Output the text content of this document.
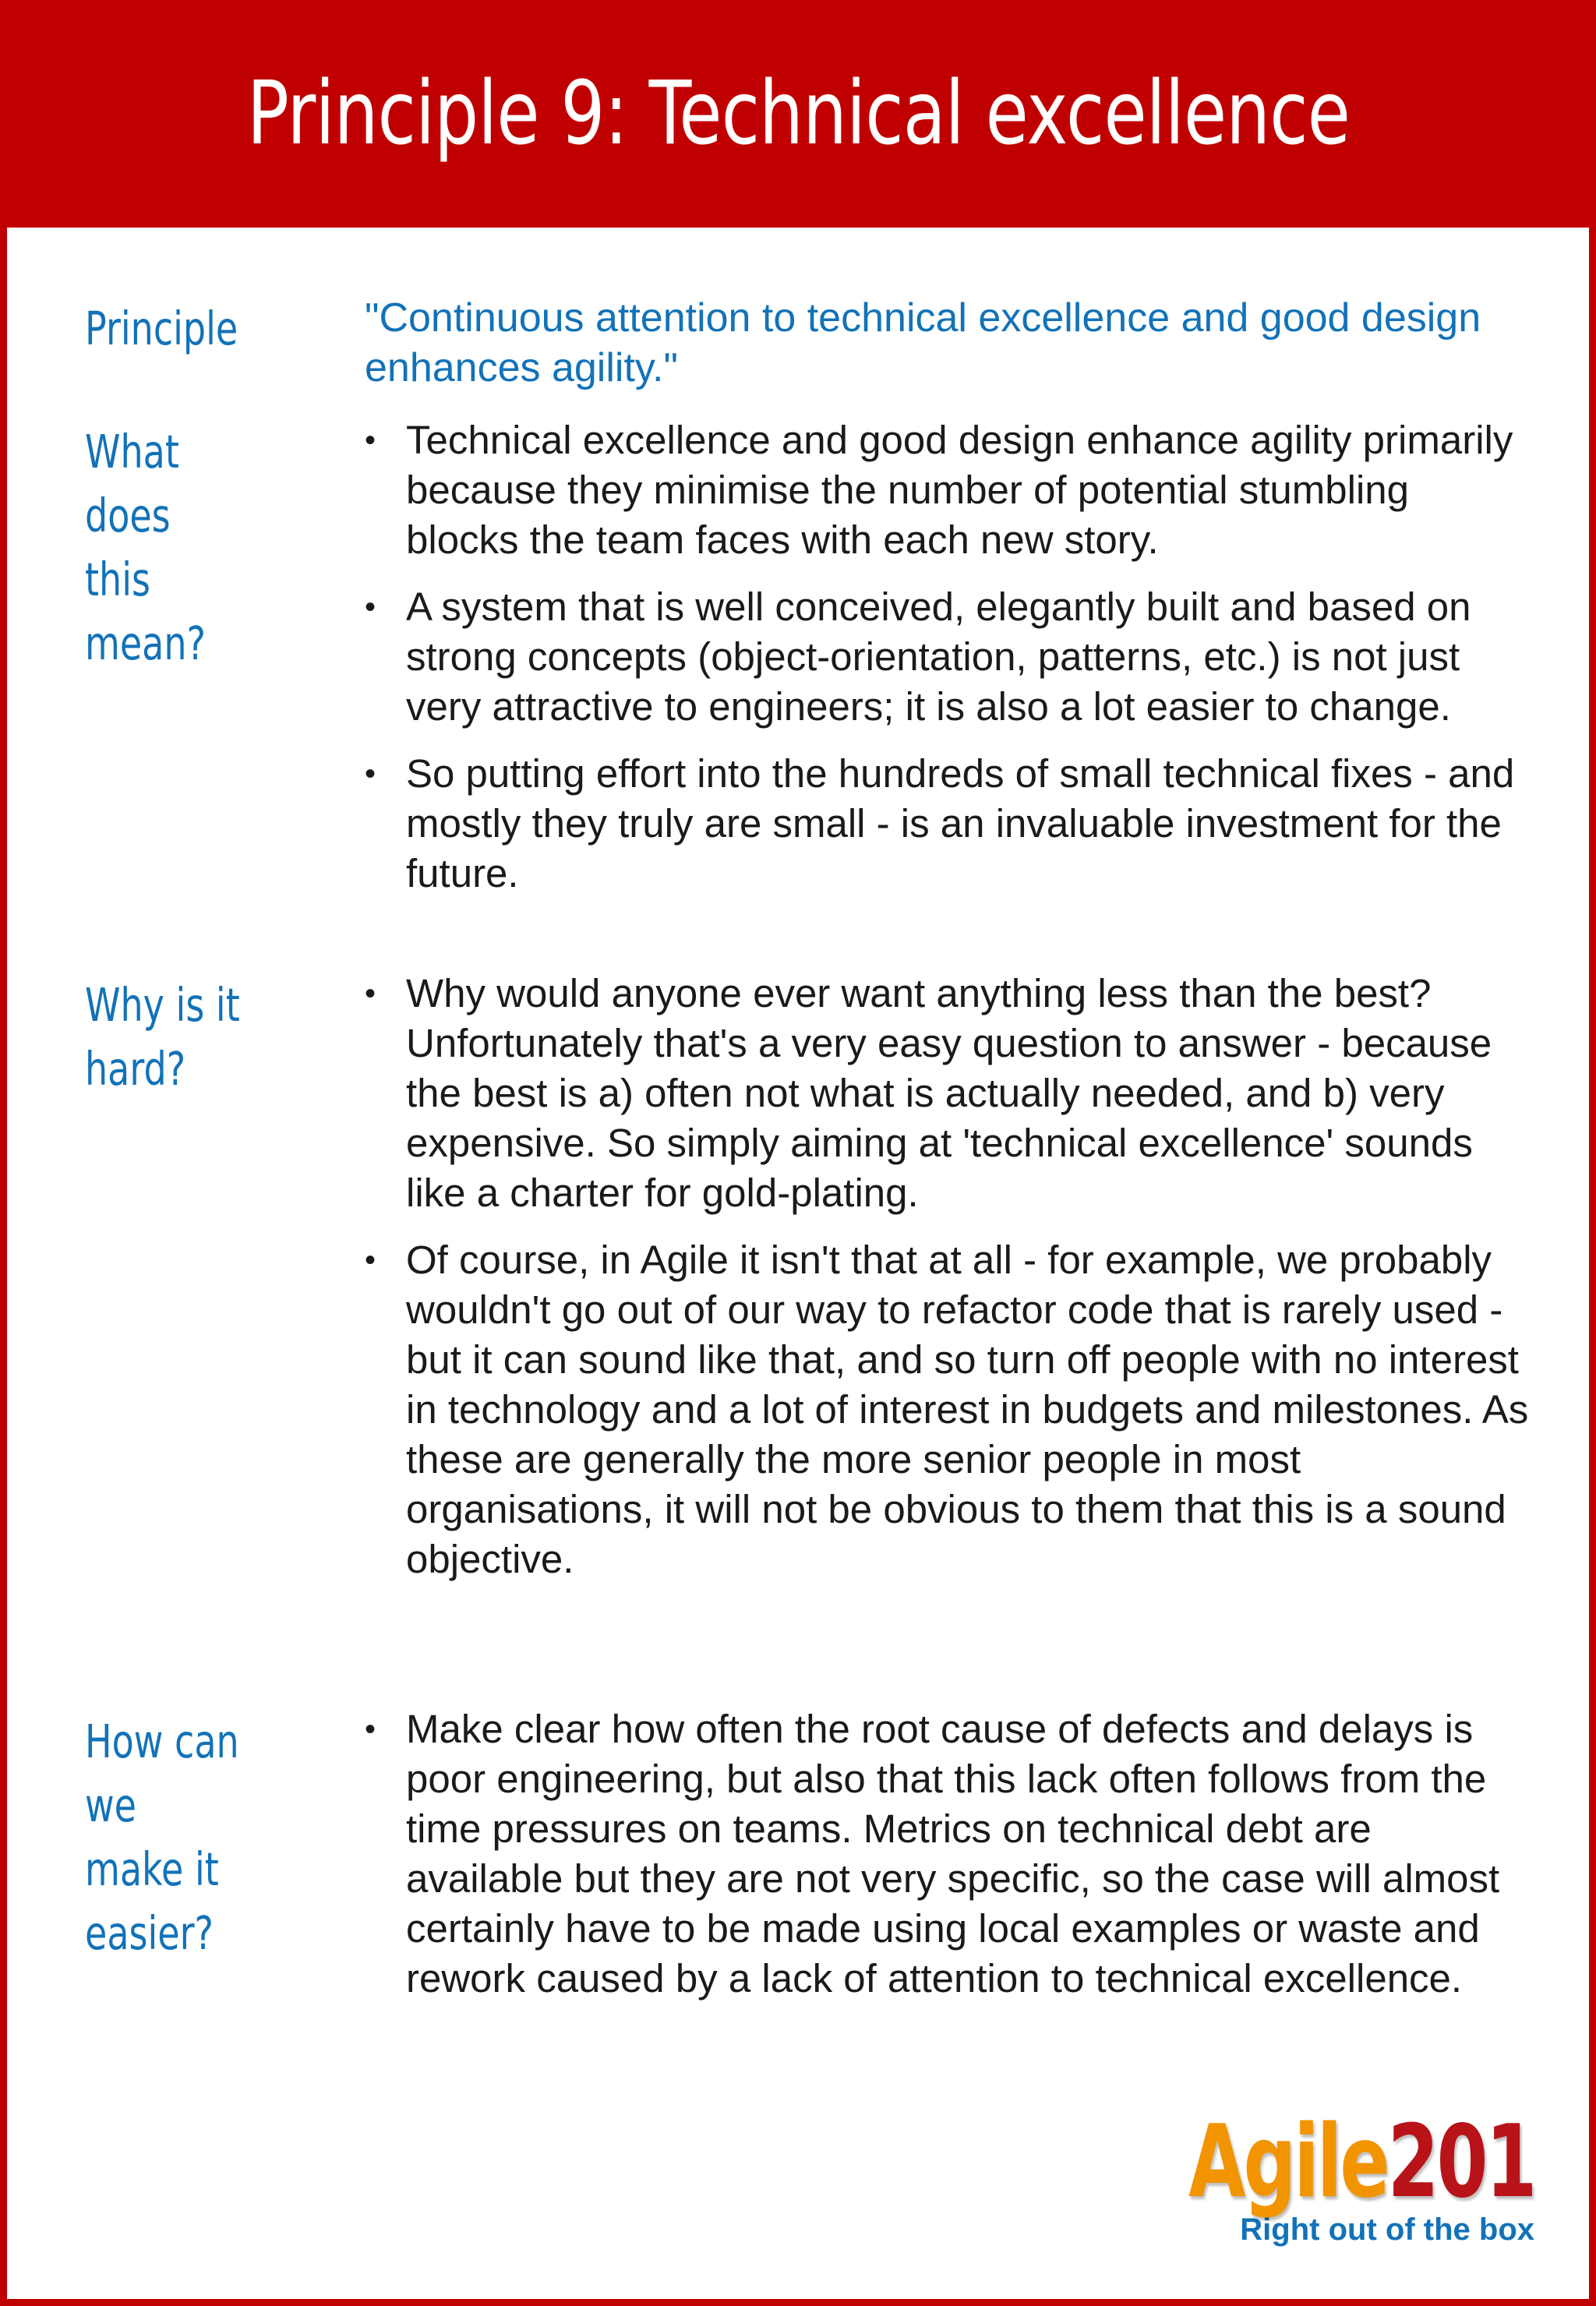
Principle 9: Technical excellence
Principle	"Continuous attention to technical excellence and good design enhances agility."
What does
this mean?
• Technical excellence and good design enhance agility primarily because they minimise the number of potential stumbling blocks the team faces with each new story.
• A system that is well conceived, elegantly built and based on strong concepts (object-orientation, patterns, etc.) is not just very attractive to engineers; it is also a lot easier to change.
• So putting effort into the hundreds of small technical fixes - and mostly they truly are small - is an invaluable investment for the future.
Why is it
hard?
• Why would anyone ever want anything less than the best? Unfortunately that's a very easy question to answer - because the best is a) often not what is actually needed, and b) very expensive. So simply aiming at 'technical excellence' sounds like a charter for gold-plating.
• Of course, in Agile it isn't that at all - for example, we probably wouldn't go out of our way to refactor code that is rarely used - but it can sound like that, and so turn off people with no interest in technology and a lot of interest in budgets and milestones. As these are generally the more senior people in most organisations, it will not be obvious to them that this is a sound objective.
How can we
make it
easier?
• Make clear how often the root cause of defects and delays is poor engineering, but also that this lack often follows from the time pressures on teams. Metrics on technical debt are available but they are not very specific, so the case will almost certainly have to be made using local examples or waste and rework caused by a lack of attention to technical excellence.
Agile201
Right out of the box
